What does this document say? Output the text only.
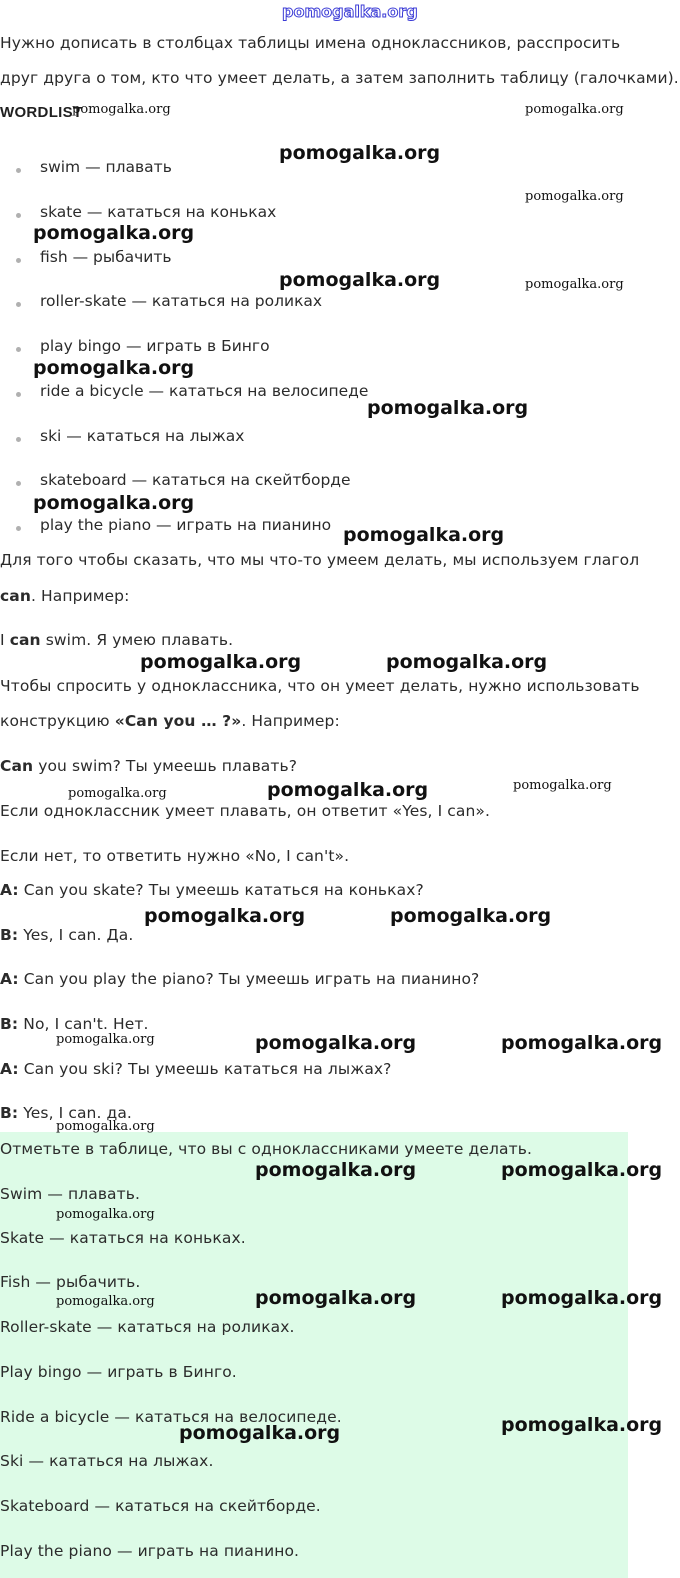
pomogalka.org
Нужно дописать в столбцах таблицы имена одноклассников, расспросить
друг друга о том, кто что умеет делать, а затем заполнить таблицу (галочками).
WORDLIST
swim — плавать
skate — кататься на коньках
fish — рыбачить
roller-skate — кататься на роликах
play bingo — играть в Бинго
ride a bicycle — кататься на велосипеде
ski — кататься на лыжах
skateboard — кататься на скейтборде
play the piano — играть на пианино
Для того чтобы сказать, что мы что-то умеем делать, мы используем глагол
can. Например:
I can swim. Я умею плавать.
Чтобы спросить у одноклассника, что он умеет делать, нужно использовать
конструкцию «Can you … ?». Например:
Can you swim? Ты умеешь плавать?
Если одноклассник умеет плавать, он ответит «Yes, I can».
Если нет, то ответить нужно «No, I can't».
A: Can you skate? Ты умеешь кататься на коньках?
B: Yes, I can. Да.
A: Can you play the piano? Ты умеешь играть на пианино?
B: No, I can't. Нет.
A: Can you ski? Ты умеешь кататься на лыжах?
B: Yes, I can. да.
Отметьте в таблице, что вы с одноклассниками умеете делать.
Swim — плавать.
Skate — кататься на коньках.
Fish — рыбачить.
Roller-skate — кататься на роликах.
Play bingo — играть в Бинго.
Ride a bicycle — кататься на велосипеде.
Ski — кататься на лыжах.
Skateboard — кататься на скейтборде.
Play the piano — играть на пианино.
pomogalka.org	pomogalka.org
pomogalka.org
pomogalka.org
pomogalka.org
pomogalka.org	pomogalka.org
pomogalka.org
pomogalka.org
pomogalka.org
pomogalka.org
pomogalka.org	pomogalka.org
pomogalka.org	pomogalka.org
pomogalka.org
pomogalka.org	pomogalka.org
pomogalka.org	pomogalka.org	pomogalka.org
pomogalka.org
pomogalka.org	pomogalka.org
pomogalka.org
pomogalka.org	pomogalka.org
pomogalka.org
pomogalka.org
pomogalka.org
